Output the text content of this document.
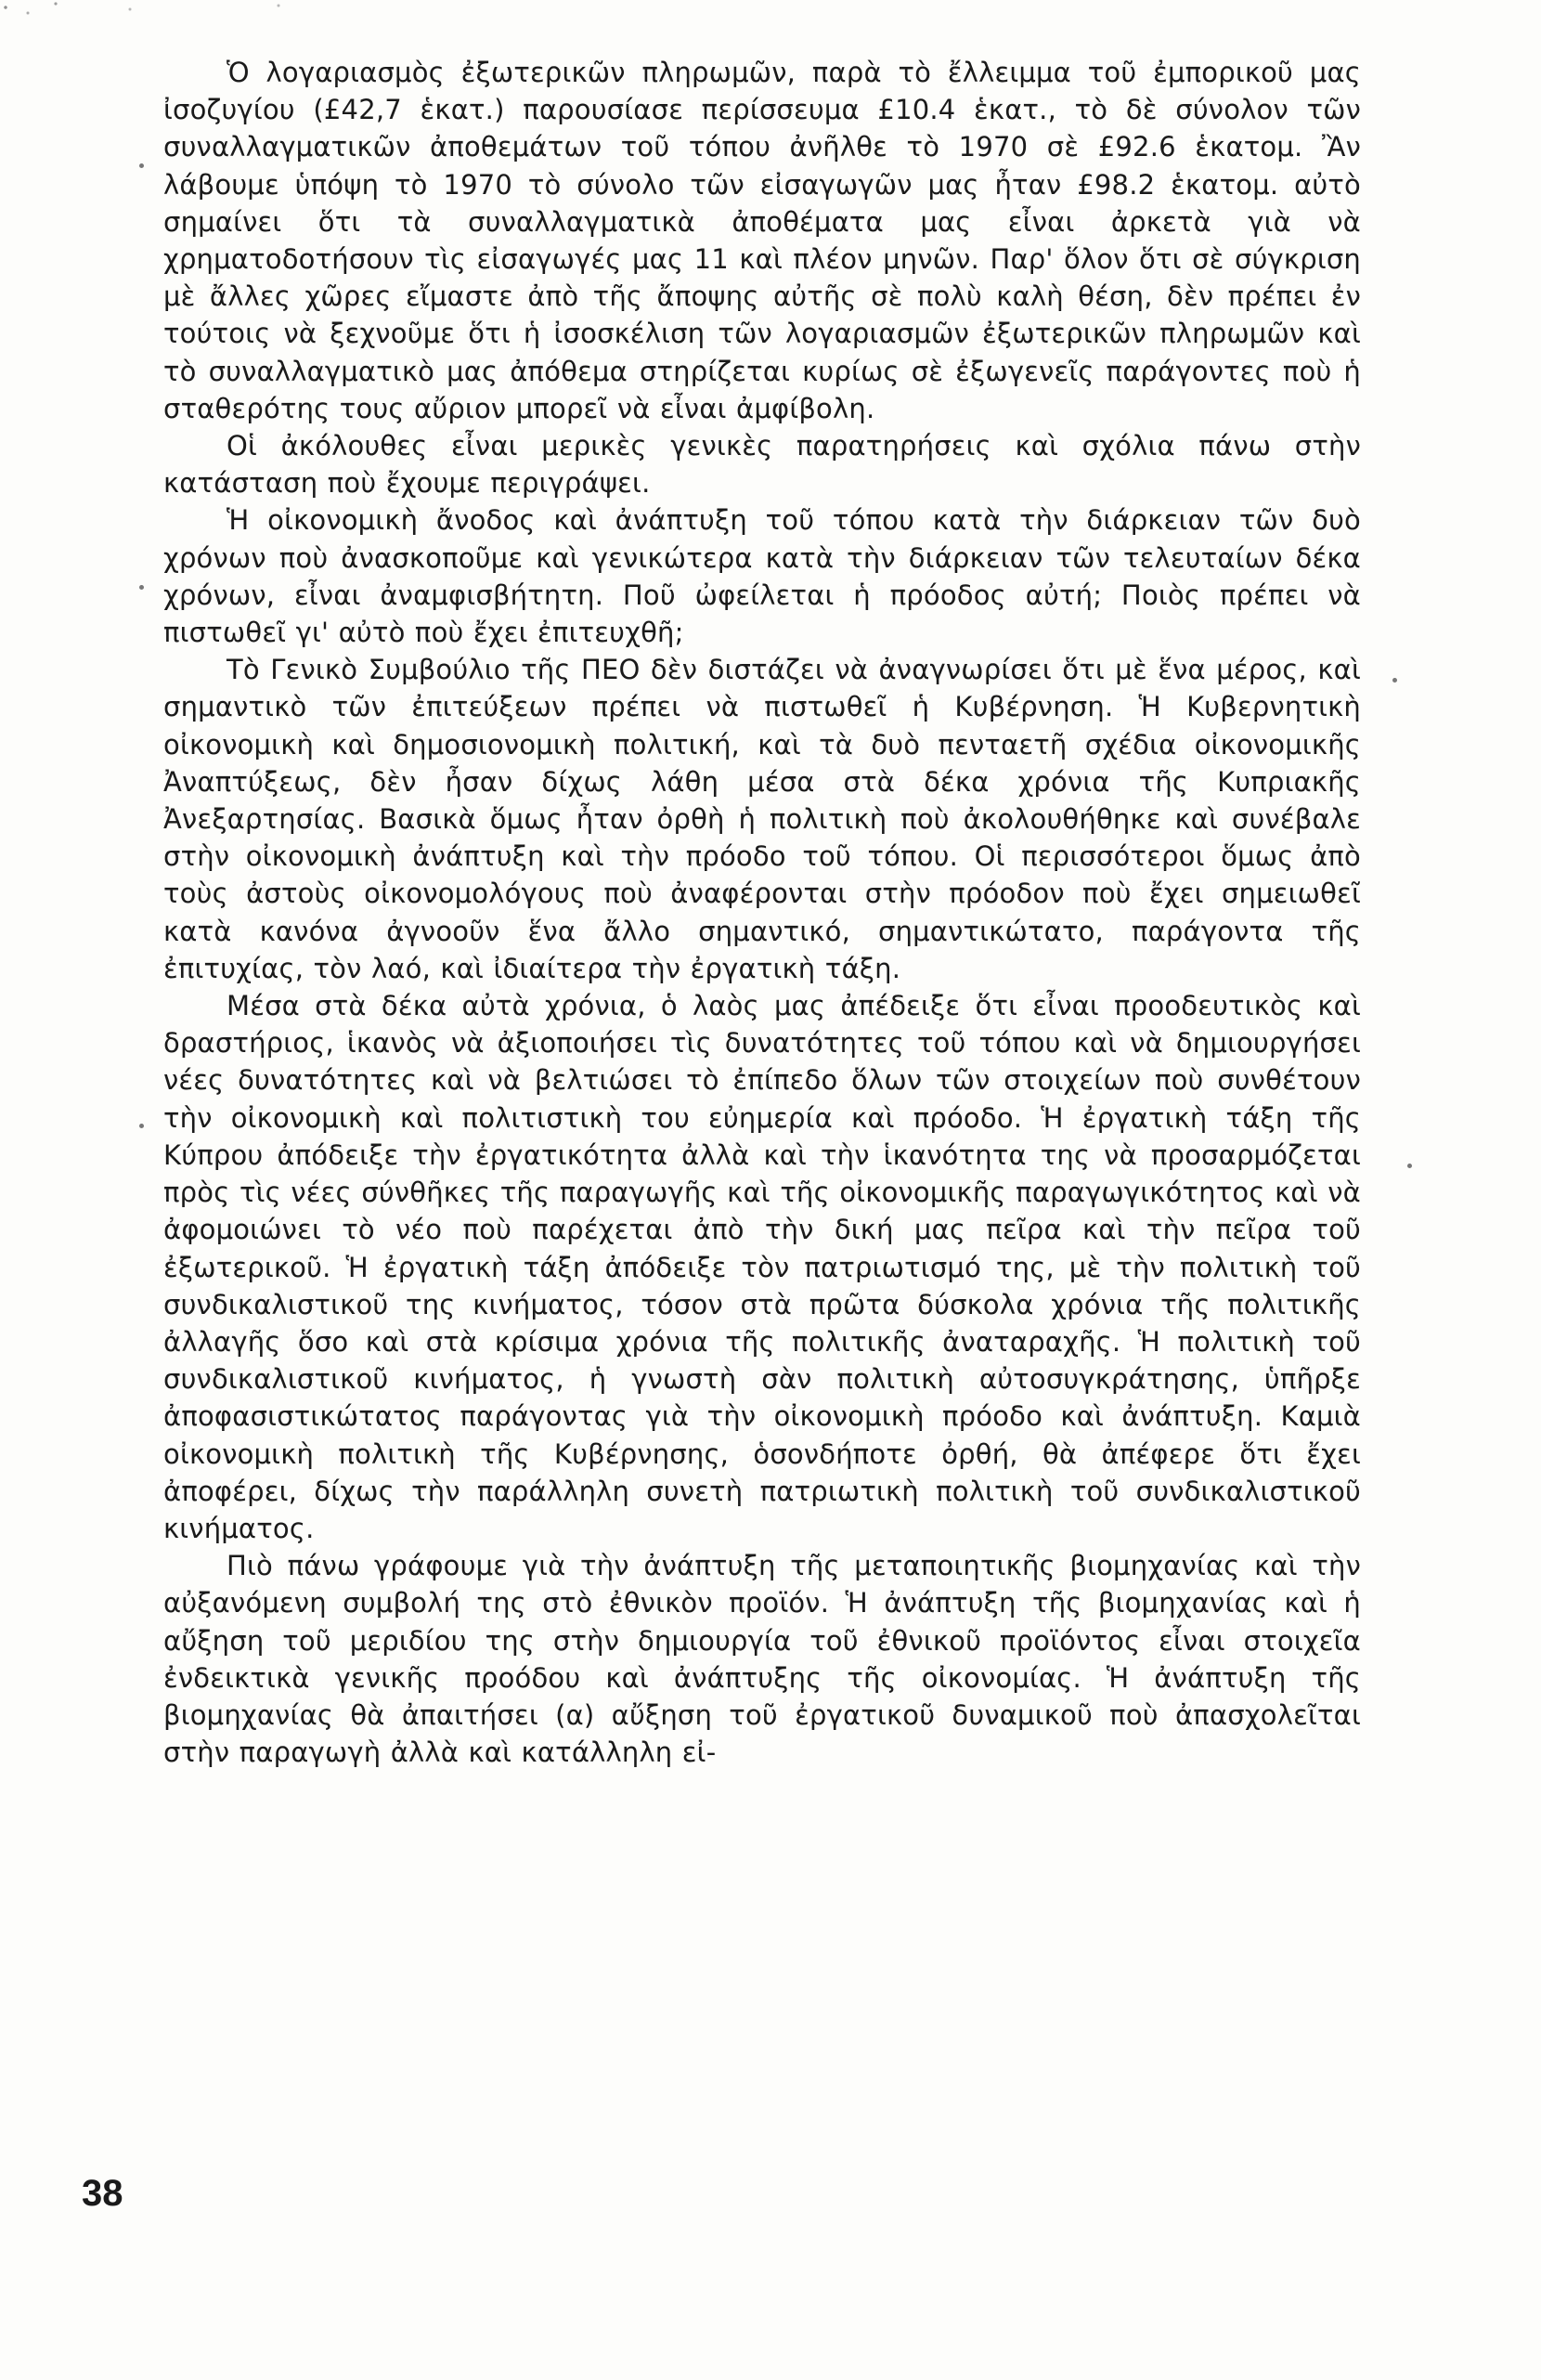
Ὁ λογαριασμὸς ἐξωτερικῶν πληρωμῶν, παρὰ τὸ ἔλλειμμα τοῦ ἐμπορικοῦ μας ἰσοζυγίου (£42,7 ἑκατ.) παρουσίασε περίσσευμα £10.4 ἑκατ., τὸ δὲ σύνολον τῶν συναλλαγματικῶν ἀποθεμάτων τοῦ τόπου ἀνῆλθε τὸ 1970 σὲ £92.6 ἑκατομ. Ἂν λάβουμε ὑπόψη τὸ 1970 τὸ σύνολο τῶν εἰσαγωγῶν μας ἦταν £98.2 ἑκατομ. αὐτὸ σημαίνει ὅτι τὰ συναλλαγματικὰ ἀποθέματα μας εἶναι ἀρκετὰ γιὰ νὰ χρηματοδοτήσουν τὶς εἰσαγωγές μας 11 καὶ πλέον μηνῶν. Παρ' ὅλον ὅτι σὲ σύγκριση μὲ ἄλλες χῶρες εἴμαστε ἀπὸ τῆς ἄποψης αὐτῆς σὲ πολὺ καλὴ θέση, δὲν πρέπει ἐν τούτοις νὰ ξεχνοῦμε ὅτι ἡ ἰσοσκέλιση τῶν λογαριασμῶν ἐξωτερικῶν πληρωμῶν καὶ τὸ συναλλαγματικὸ μας ἀπόθεμα στηρίζεται κυρίως σὲ ἐξωγενεῖς παράγοντες ποὺ ἡ σταθερότης τους αὔριον μπορεῖ νὰ εἶναι ἀμφίβολη.

Οἱ ἀκόλουθες εἶναι μερικὲς γενικὲς παρατηρήσεις καὶ σχόλια πάνω στὴν κατάσταση ποὺ ἔχουμε περιγράψει.

Ἡ οἰκονομικὴ ἄνοδος καὶ ἀνάπτυξη τοῦ τόπου κατὰ τὴν διάρκειαν τῶν δυὸ χρόνων ποὺ ἀνασκοποῦμε καὶ γενικώτερα κατὰ τὴν διάρκειαν τῶν τελευταίων δέκα χρόνων, εἶναι ἀναμφισβήτητη. Ποῦ ὠφείλεται ἡ πρόοδος αὐτή; Ποιὸς πρέπει νὰ πιστωθεῖ γι' αὐτὸ ποὺ ἔχει ἐπιτευχθῆ;

Τὸ Γενικὸ Συμβούλιο τῆς ΠΕΟ δὲν διστάζει νὰ ἀναγνωρίσει ὅτι μὲ ἕνα μέρος, καὶ σημαντικὸ τῶν ἐπιτεύξεων πρέπει νὰ πιστωθεῖ ἡ Κυβέρνηση. Ἡ Κυβερνητικὴ οἰκονομικὴ καὶ δημοσιονομικὴ πολιτική, καὶ τὰ δυὸ πενταετῆ σχέδια οἰκονομικῆς Ἀναπτύξεως, δὲν ἦσαν δίχως λάθη μέσα στὰ δέκα χρόνια τῆς Κυπριακῆς Ἀνεξαρτησίας. Βασικὰ ὅμως ἦταν ὀρθὴ ἡ πολιτικὴ ποὺ ἀκολουθήθηκε καὶ συνέβαλε στὴν οἰκονομικὴ ἀνάπτυξη καὶ τὴν πρόοδο τοῦ τόπου. Οἱ περισσότεροι ὅμως ἀπὸ τοὺς ἀστοὺς οἰκονομολόγους ποὺ ἀναφέρονται στὴν πρόοδον ποὺ ἔχει σημειωθεῖ κατὰ κανόνα ἀγνοοῦν ἕνα ἄλλο σημαντικό, σημαντικώτατο, παράγοντα τῆς ἐπιτυχίας, τὸν λαό, καὶ ἰδιαίτερα τὴν ἐργατικὴ τάξη.

Μέσα στὰ δέκα αὐτὰ χρόνια, ὁ λαὸς μας ἀπέδειξε ὅτι εἶναι προοδευτικὸς καὶ δραστήριος, ἱκανὸς νὰ ἀξιοποιήσει τὶς δυνατότητες τοῦ τόπου καὶ νὰ δημιουργήσει νέες δυνατότητες καὶ νὰ βελτιώσει τὸ ἐπίπεδο ὅλων τῶν στοιχείων ποὺ συνθέτουν τὴν οἰκονομικὴ καὶ πολιτιστικὴ του εὐημερία καὶ πρόοδο. Ἡ ἐργατικὴ τάξη τῆς Κύπρου ἀπόδειξε τὴν ἐργατικότητα ἀλλὰ καὶ τὴν ἱκανότητα της νὰ προσαρμόζεται πρὸς τὶς νέες σύνθῆκες τῆς παραγωγῆς καὶ τῆς οἰκονομικῆς παραγωγικότητος καὶ νὰ ἀφομοιώνει τὸ νέο ποὺ παρέχεται ἀπὸ τὴν δική μας πεῖρα καὶ τὴν πεῖρα τοῦ ἐξωτερικοῦ. Ἡ ἐργατικὴ τάξη ἀπόδειξε τὸν πατριωτισμό της, μὲ τὴν πολιτικὴ τοῦ συνδικαλιστικοῦ της κινήματος, τόσον στὰ πρῶτα δύσκολα χρόνια τῆς πολιτικῆς ἀλλαγῆς ὅσο καὶ στὰ κρίσιμα χρόνια τῆς πολιτικῆς ἀναταραχῆς. Ἡ πολιτικὴ τοῦ συνδικαλιστικοῦ κινήματος, ἡ γνωστὴ σὰν πολιτικὴ αὐτοσυγκράτησης, ὑπῆρξε ἀποφασιστικώτατος παράγοντας γιὰ τὴν οἰκονομικὴ πρόοδο καὶ ἀνάπτυξη. Καμιὰ οἰκονομικὴ πολιτικὴ τῆς Κυβέρνησης, ὁσονδήποτε ὀρθή, θὰ ἀπέφερε ὅτι ἔχει ἀποφέρει, δίχως τὴν παράλληλη συνετὴ πατριωτικὴ πολιτικὴ τοῦ συνδικαλιστικοῦ κινήματος.

Πιὸ πάνω γράφουμε γιὰ τὴν ἀνάπτυξη τῆς μεταποιητικῆς βιομηχανίας καὶ τὴν αὐξανόμενη συμβολή της στὸ ἐθνικὸν προϊόν. Ἡ ἀνάπτυξη τῆς βιομηχανίας καὶ ἡ αὔξηση τοῦ μεριδίου της στὴν δημιουργία τοῦ ἐθνικοῦ προϊόντος εἶναι στοιχεῖα ἐνδεικτικὰ γενικῆς προόδου καὶ ἀνάπτυξης τῆς οἰκονομίας. Ἡ ἀνάπτυξη τῆς βιομηχανίας θὰ ἀπαιτήσει (α) αὔξηση τοῦ ἐργατικοῦ δυναμικοῦ ποὺ ἀπασχολεῖται στὴν παραγωγὴ ἀλλὰ καὶ κατάλληλη εἰ-

38
